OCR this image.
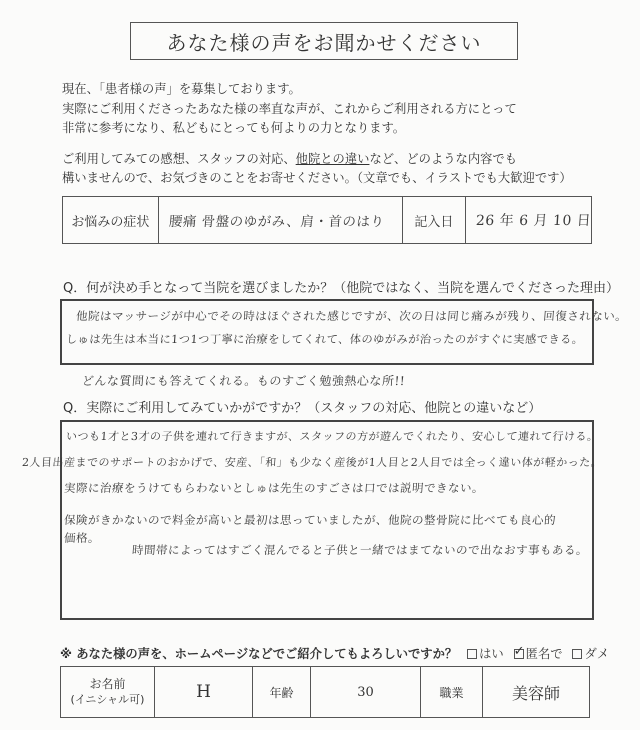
あなた様の声をお聞かせください

現在、「患者様の声」を募集しております。

実際にご利用くださったあなた様の率直な声が、これからご利用される方にとって

非常に参考になり、私どもにとっても何よりの力となります。

ご利用してみての感想、スタッフの対応、他院との違いなど、どのような内容でも

構いませんので、お気づきのことをお寄せください。（文章でも、イラストでも大歓迎です）

お悩みの症状	腰痛 骨盤のゆがみ、肩・首のはり	記入日	26 年 6 月 10 日
Q．何が決め手となって当院を選びましたか？（他院ではなく、当院を選んでくださった理由）
他院はマッサージが中心でその時はほぐされた感じですが、次の日は同じ痛みが残り、回復されない。
しゅは先生は本当に1つ1つ丁寧に治療をしてくれて、体のゆがみが治ったのがすぐに実感できる。
どんな質問にも答えてくれる。ものすごく勉強熱心な所!!
Q．実際にご利用してみていかがですか？（スタッフの対応、他院との違いなど）
いつも1才と3才の子供を連れて行きますが、スタッフの方が遊んでくれたり、安心して連れて行ける。
2人目出産までのサポートのおかげで、安産、「和」も少なく産後が1人目と2人目では全っく違い体が軽かった。
実際に治療をうけてもらわないとしゅは先生のすごさは口では説明できない。
保険がきかないので料金が高いと最初は思っていましたが、他院の整骨院に比べても良心的
価格。
時間帯によってはすごく混んでると子供と一緒ではまてないので出なおす事もある。
※ あなた様の声を、ホームページなどでご紹介してもよろしいですか？ はい ✓ 匿名で ダメ
お名前
(イニシャル可)	H	年齢	30	職業	美容師
